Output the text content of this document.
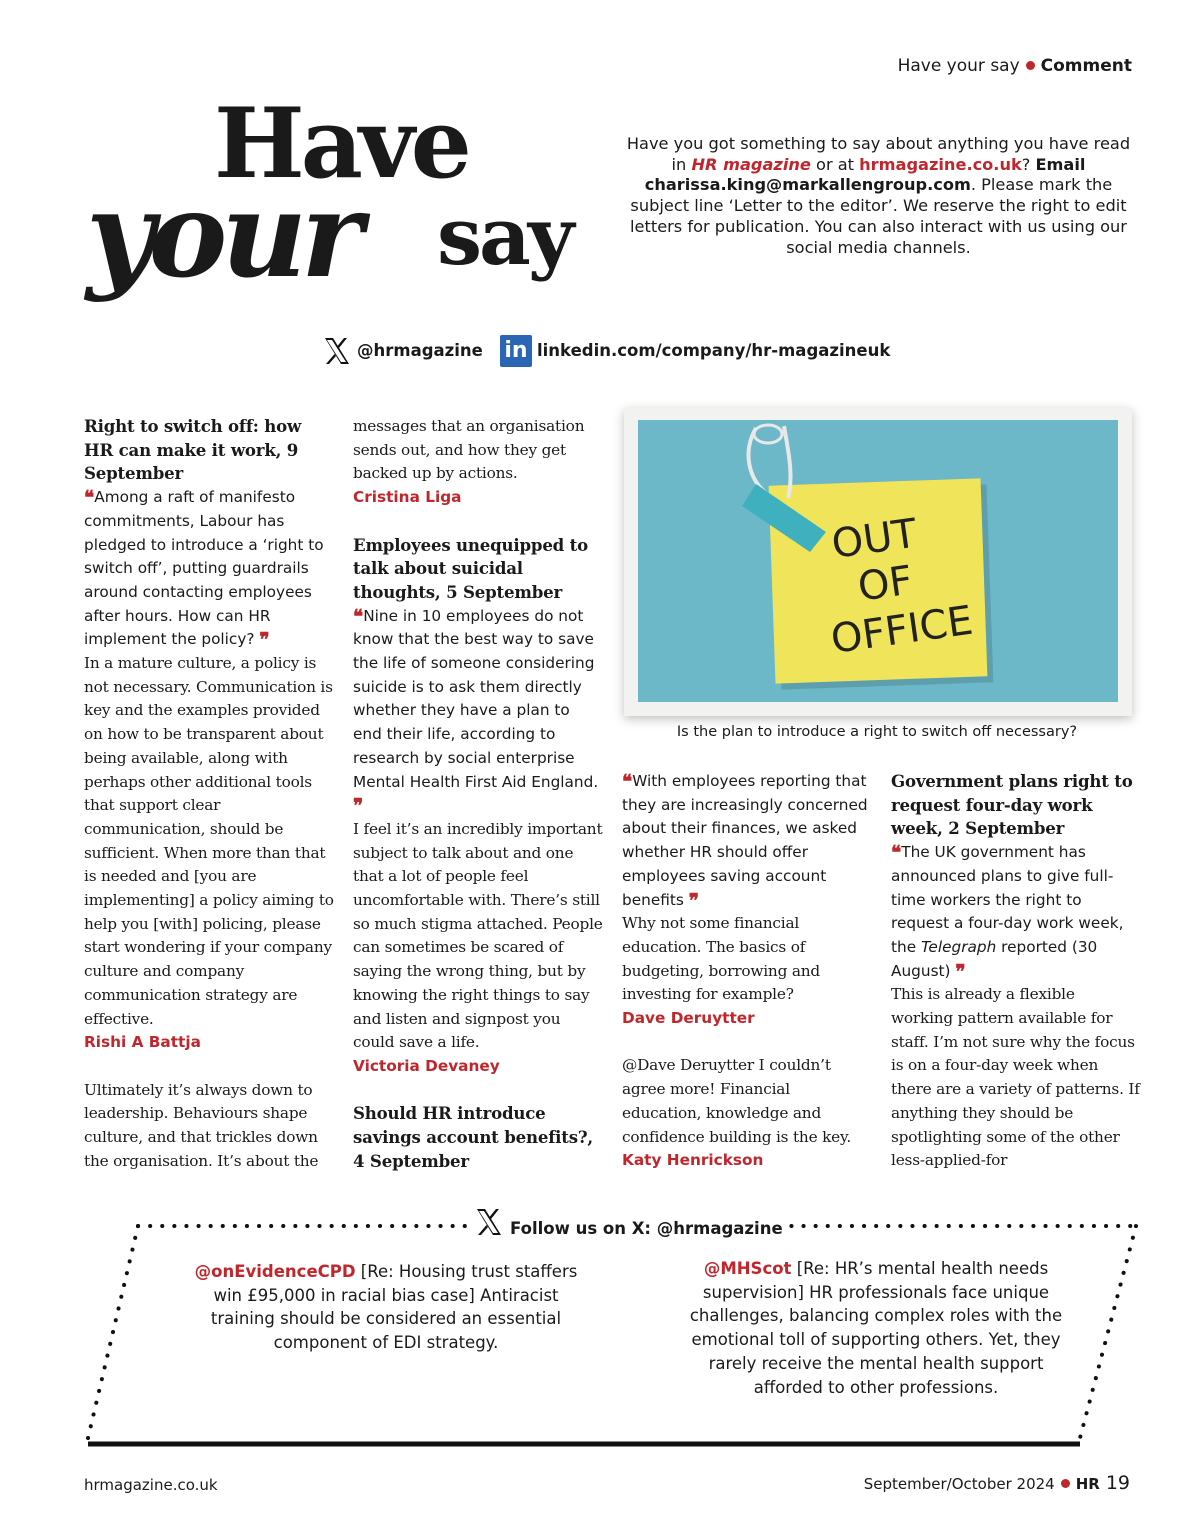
Have your say Comment
Have
your say
Have you got something to say about anything you have read in HR magazine or at hrmagazine.co.uk? Email charissa.king@markallengroup.com. Please mark the subject line ‘Letter to the editor’. We reserve the right to edit letters for publication. You can also interact with us using our social media channels.
@hrmagazine in linkedin.com/company/hr-magazineuk
Right to switch off: how HR can make it work, 9 September

❝Among a raft of manifesto commitments, Labour has pledged to introduce a ‘right to switch off’, putting guardrails around contacting employees after hours. How can HR implement the policy? ❞

In a mature culture, a policy is not necessary. Communication is key and the examples provided on how to be transparent about being available, along with perhaps other additional tools that support clear communication, should be sufficient. When more than that is needed and [you are implementing] a policy aiming to help you [with] policing, please start wondering if your company culture and company communication strategy are effective.

Rishi A Battja

Ultimately it’s always down to leadership. Behaviours shape culture, and that trickles down the organisation. It’s about the

messages that an organisation sends out, and how they get backed up by actions.

Cristina Liga
Employees unequipped to talk about suicidal thoughts, 5 September

❝Nine in 10 employees do not know that the best way to save the life of someone considering suicide is to ask them directly whether they have a plan to end their life, according to research by social enterprise Mental Health First Aid England. ❞

I feel it’s an incredibly important subject to talk about and one that a lot of people feel uncomfortable with. There’s still so much stigma attached. People can sometimes be scared of saying the wrong thing, but by knowing the right things to say and listen and signpost you could save a life.

Victoria Devaney
Should HR introduce savings account benefits?, 4 September
OUT
OF
OFFICE
Is the plan to introduce a right to switch off necessary?

❝With employees reporting that they are increasingly concerned about their finances, we asked whether HR should offer employees saving account benefits ❞

Why not some financial education. The basics of budgeting, borrowing and investing for example?

Dave Deruytter

@Dave Deruytter I couldn’t agree more! Financial education, knowledge and confidence building is the key.

Katy Henrickson
Government plans right to request four-day work week, 2 September

❝The UK government has announced plans to give full-time workers the right to request a four-day work week, the Telegraph reported (30 August) ❞

This is already a flexible working pattern available for staff. I’m not sure why the focus is on a four-day week when there are a variety of patterns. If anything they should be spotlighting some of the other less-applied-for

Follow us on X: @hrmagazine
@onEvidenceCPD [Re: Housing trust staffers win £95,000 in racial bias case] Antiracist training should be considered an essential component of EDI strategy.
@MHScot [Re: HR’s mental health needs supervision] HR professionals face unique challenges, balancing complex roles with the emotional toll of supporting others. Yet, they rarely receive the mental health support afforded to other professions.
hrmagazine.co.uk	September/October 2024 HR 19
